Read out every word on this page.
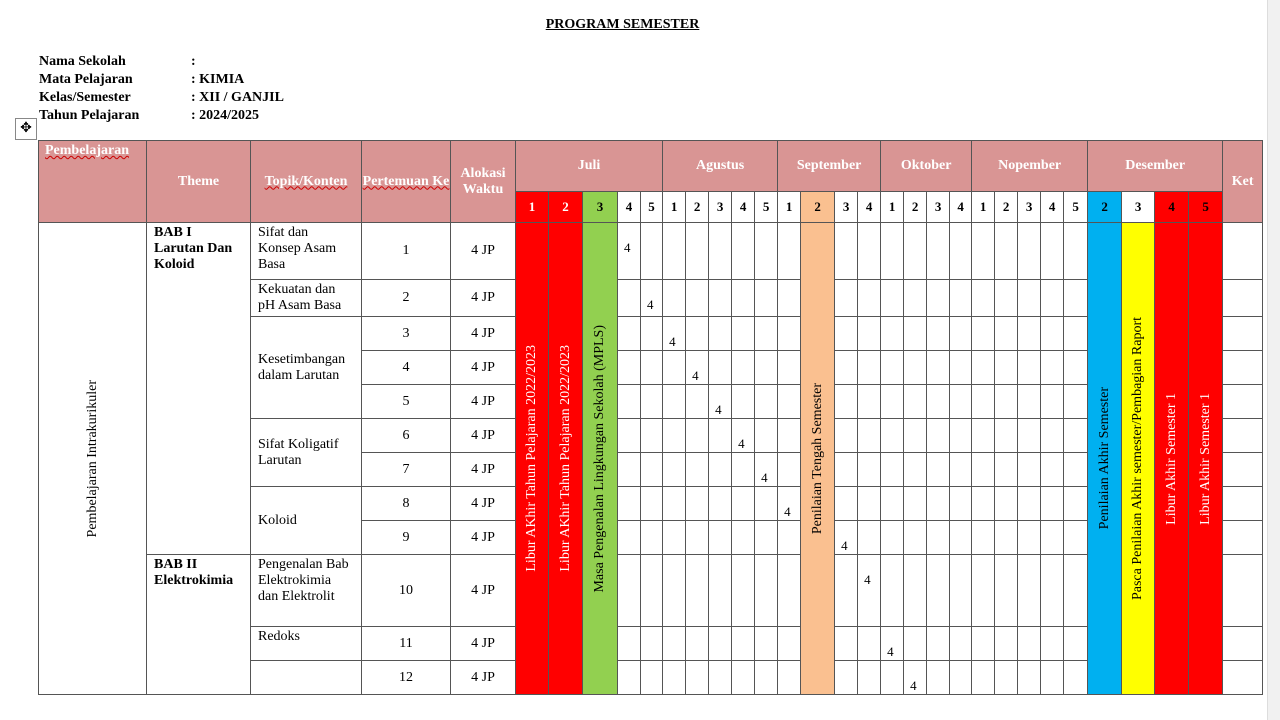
PROGRAM SEMESTER
Nama Sekolah	:
Mata Pelajaran	: KIMIA
Kelas/Semester	: XII / GANJIL
Tahun Pelajaran	: 2024/2025
✥
Pembelajaran	Theme	Topik/Konten	Pertemuan Ke	Alokasi Waktu	Juli	Agustus	September	Oktober	Nopember	Desember	Ket
1	2	3	4	5	1	2	3	4	5	1	2	3	4	1	2	3	4	1	2	3	4	5	2	3	4	5

Pembelajaran Intrakurikuler
	BAB I Larutan Dan Koloid	Sifat dan Konsep Asam Basa	1	4 JP	
Libur AKhir Tahun Pelajaran 2022/2023	Libur AKhir Tahun Pelajaran 2022/2023	Masa Pengenalan Lingkungan Sekolah (MPLS)
	4								
Penilaian Tengah Semester												Penilaian Akhir Semester	Pasca Penilaian Akhir semester/Pembagian Raport	Libur Akhir Semester 1	Libur Akhir Semester 1

Kekuatan dan pH Asam Basa	2	4 JP		4																		
Kesetimbangan dalam Larutan	3	4 JP			4																	
4	4 JP				4																
5	4 JP					4															
Sifat Koligatif Larutan	6	4 JP						4														
7	4 JP							4													
Koloid	8	4 JP								4												
9	4 JP									4											
BAB II Elektrokimia	Pengenalan Bab Elektrokimia dan Elektrolit	10	4 JP										4										
Redoks	11	4 JP											4									
	12	4 JP												4								
